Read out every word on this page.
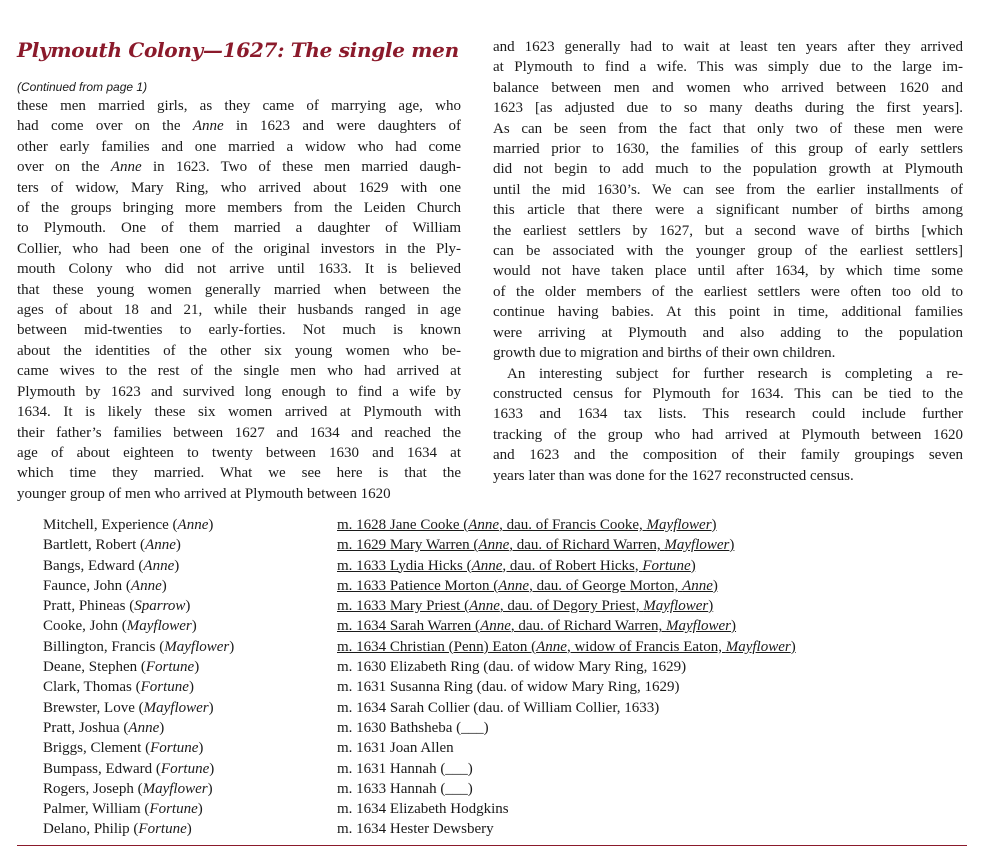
Plymouth Colony—1627: The single men
(Continued from page 1)
these men married girls, as they came of marrying age, who
had come over on the Anne in 1623 and were daughters of
other early families and one married a widow who had come
over on the Anne in 1623. Two of these men married daugh-
ters of widow, Mary Ring, who arrived about 1629 with one
of the groups bringing more members from the Leiden Church
to Plymouth. One of them married a daughter of William
Collier, who had been one of the original investors in the Ply-
mouth Colony who did not arrive until 1633. It is believed
that these young women generally married when between the
ages of about 18 and 21, while their husbands ranged in age
between mid-twenties to early-forties. Not much is known
about the identities of the other six young women who be-
came wives to the rest of the single men who had arrived at
Plymouth by 1623 and survived long enough to find a wife by
1634. It is likely these six women arrived at Plymouth with
their father’s families between 1627 and 1634 and reached the
age of about eighteen to twenty between 1630 and 1634 at
which time they married. What we see here is that the
younger group of men who arrived at Plymouth between 1620
and 1623 generally had to wait at least ten years after they arrived
at Plymouth to find a wife. This was simply due to the large im-
balance between men and women who arrived between 1620 and
1623 [as adjusted due to so many deaths during the first years].
As can be seen from the fact that only two of these men were
married prior to 1630, the families of this group of early settlers
did not begin to add much to the population growth at Plymouth
until the mid 1630’s. We can see from the earlier installments of
this article that there were a significant number of births among
the earliest settlers by 1627, but a second wave of births [which
can be associated with the younger group of the earliest settlers]
would not have taken place until after 1634, by which time some
of the older members of the earliest settlers were often too old to
continue having babies. At this point in time, additional families
were arriving at Plymouth and also adding to the population
growth due to migration and births of their own children.
An interesting subject for further research is completing a re-
constructed census for Plymouth for 1634. This can be tied to the
1633 and 1634 tax lists. This research could include further
tracking of the group who had arrived at Plymouth between 1620
and 1623 and the composition of their family groupings seven
years later than was done for the 1627 reconstructed census.
Mitchell, Experience (Anne)	m. 1628 Jane Cooke (Anne, dau. of Francis Cooke, Mayflower)
Bartlett, Robert (Anne)	m. 1629 Mary Warren (Anne, dau. of Richard Warren, Mayflower)
Bangs, Edward (Anne)	m. 1633 Lydia Hicks (Anne, dau. of Robert Hicks, Fortune)
Faunce, John (Anne)	m. 1633 Patience Morton (Anne, dau. of George Morton, Anne)
Pratt, Phineas (Sparrow)	m. 1633 Mary Priest (Anne, dau. of Degory Priest, Mayflower)
Cooke, John (Mayflower)	m. 1634 Sarah Warren (Anne, dau. of Richard Warren, Mayflower)
Billington, Francis (Mayflower)	m. 1634 Christian (Penn) Eaton (Anne, widow of Francis Eaton, Mayflower)
Deane, Stephen (Fortune)	m. 1630 Elizabeth Ring (dau. of widow Mary Ring, 1629)
Clark, Thomas (Fortune)	m. 1631 Susanna Ring (dau. of widow Mary Ring, 1629)
Brewster, Love (Mayflower)	m. 1634 Sarah Collier (dau. of William Collier, 1633)
Pratt, Joshua (Anne)	m. 1630 Bathsheba (___)
Briggs, Clement (Fortune)	m. 1631 Joan Allen
Bumpass, Edward (Fortune)	m. 1631 Hannah (___)
Rogers, Joseph (Mayflower)	m. 1633 Hannah (___)
Palmer, William (Fortune)	m. 1634 Elizabeth Hodgkins
Delano, Philip (Fortune)	m. 1634 Hester Dewsbery
